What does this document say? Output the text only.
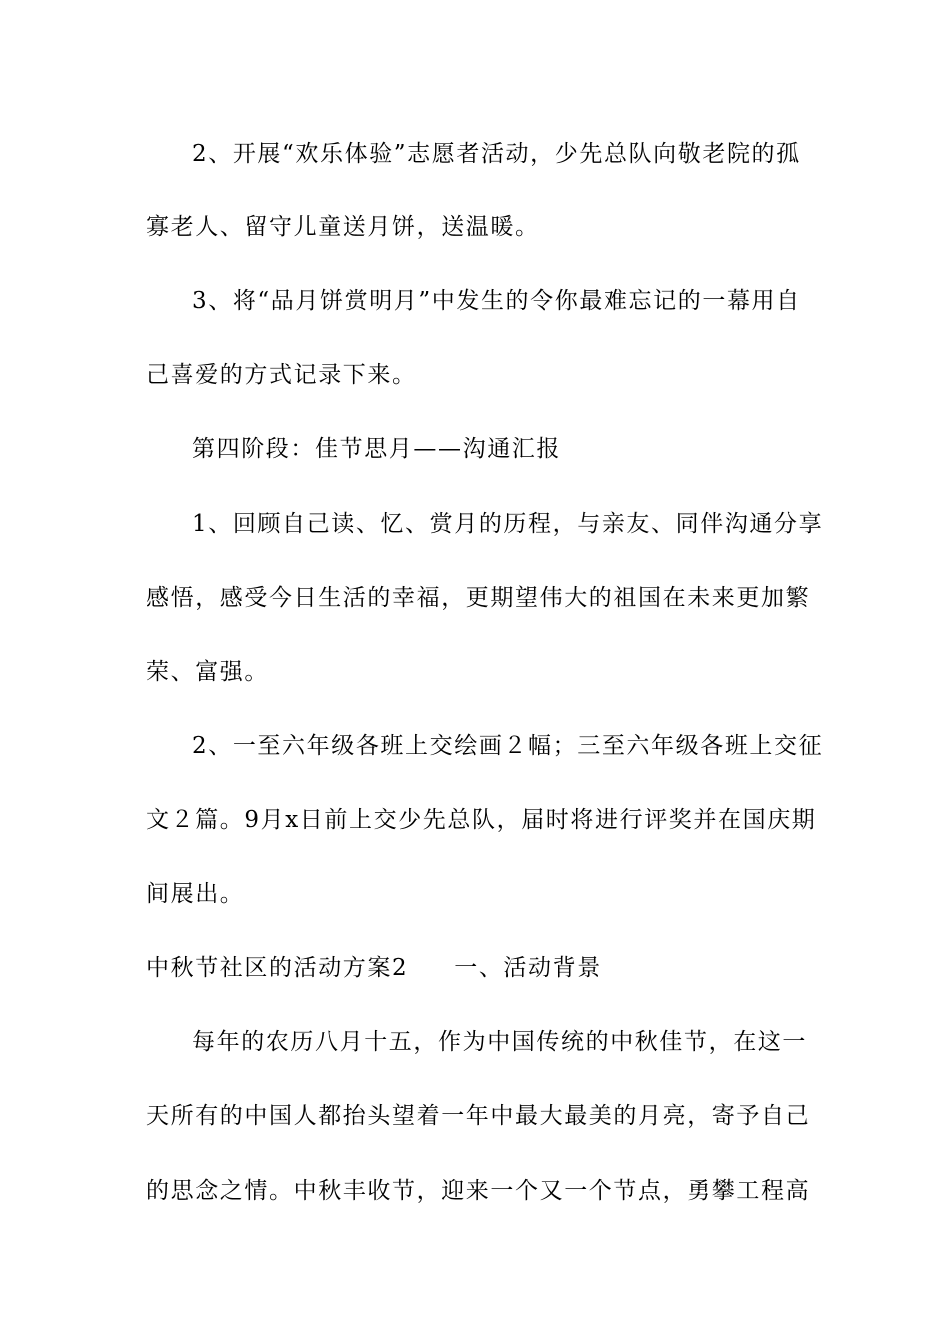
2、开展“欢乐体验”志愿者活动，少先总队向敬老院的孤
寡老人、留守儿童送月饼，送温暖。
3、将“品月饼赏明月”中发生的令你最难忘记的一幕用自
己喜爱的方式记录下来。
第四阶段：佳节思月——沟通汇报
1、回顾自己读、忆、赏月的历程，与亲友、同伴沟通分享
感悟，感受今日生活的幸福，更期望伟大的祖国在未来更加繁
荣、富强。
2、一至六年级各班上交绘画２幅；三至六年级各班上交征
文２篇。9月x日前上交少先总队，届时将进行评奖并在国庆期
间展出。
中秋节社区的活动方案2 一、活动背景
每年的农历八月十五，作为中国传统的中秋佳节，在这一
天所有的中国人都抬头望着一年中最大最美的月亮，寄予自己
的思念之情。中秋丰收节，迎来一个又一个节点，勇攀工程高
